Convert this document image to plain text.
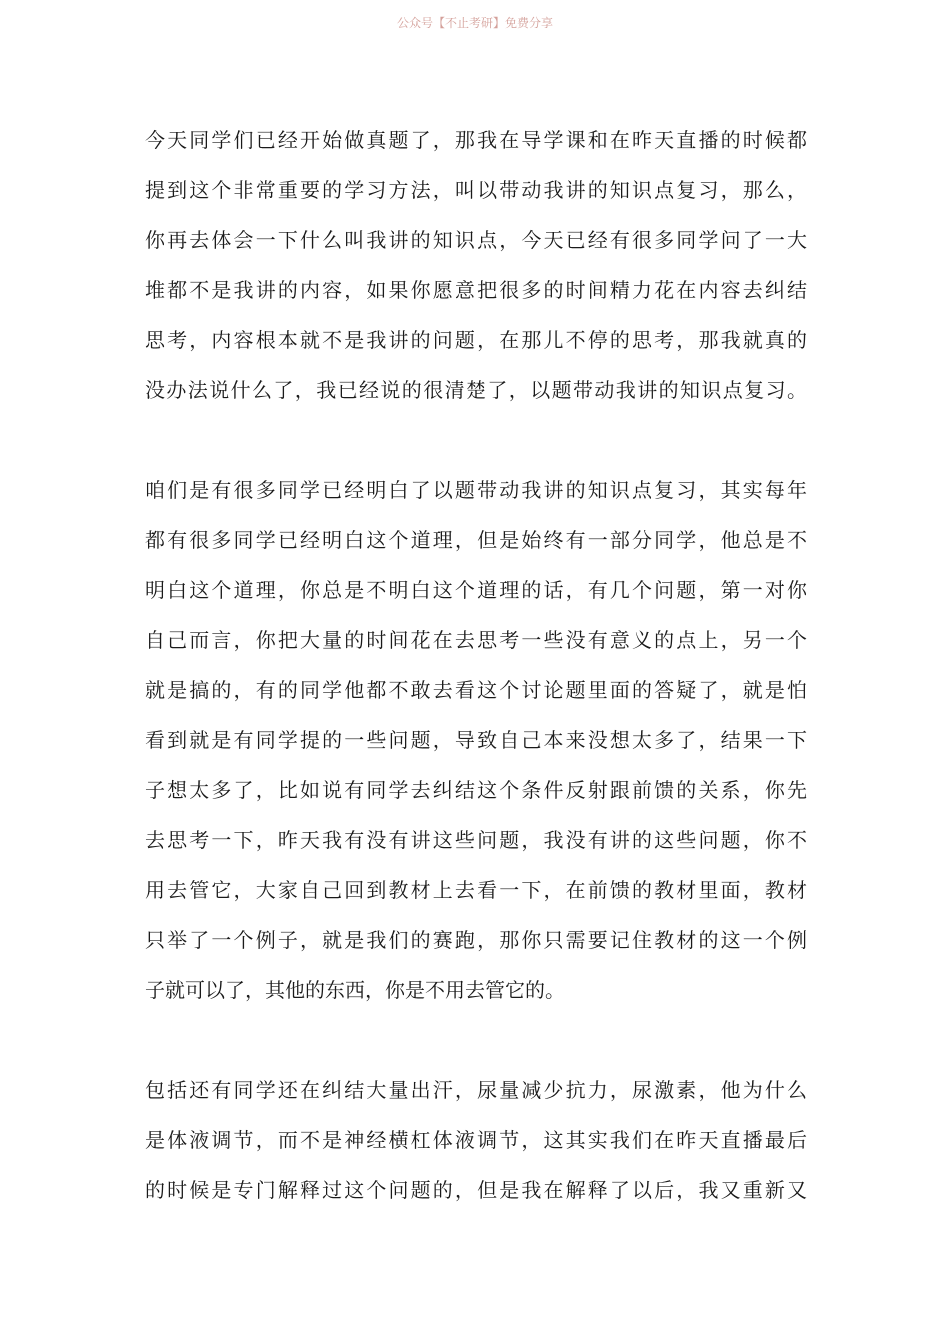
公众号【不止考研】免费分享
今天同学们已经开始做真题了，那我在导学课和在昨天直播的时候都
提到这个非常重要的学习方法，叫以带动我讲的知识点复习，那么，
你再去体会一下什么叫我讲的知识点，今天已经有很多同学问了一大
堆都不是我讲的内容，如果你愿意把很多的时间精力花在内容去纠结
思考，内容根本就不是我讲的问题，在那儿不停的思考，那我就真的
没办法说什么了，我已经说的很清楚了，以题带动我讲的知识点复习。
咱们是有很多同学已经明白了以题带动我讲的知识点复习，其实每年
都有很多同学已经明白这个道理，但是始终有一部分同学，他总是不
明白这个道理，你总是不明白这个道理的话，有几个问题，第一对你
自己而言，你把大量的时间花在去思考一些没有意义的点上，另一个
就是搞的，有的同学他都不敢去看这个讨论题里面的答疑了，就是怕
看到就是有同学提的一些问题，导致自己本来没想太多了，结果一下
子想太多了，比如说有同学去纠结这个条件反射跟前馈的关系，你先
去思考一下，昨天我有没有讲这些问题，我没有讲的这些问题，你不
用去管它，大家自己回到教材上去看一下，在前馈的教材里面，教材
只举了一个例子，就是我们的赛跑，那你只需要记住教材的这一个例
子就可以了，其他的东西，你是不用去管它的。
包括还有同学还在纠结大量出汗，尿量减少抗力，尿激素，他为什么
是体液调节，而不是神经横杠体液调节，这其实我们在昨天直播最后
的时候是专门解释过这个问题的，但是我在解释了以后，我又重新又
